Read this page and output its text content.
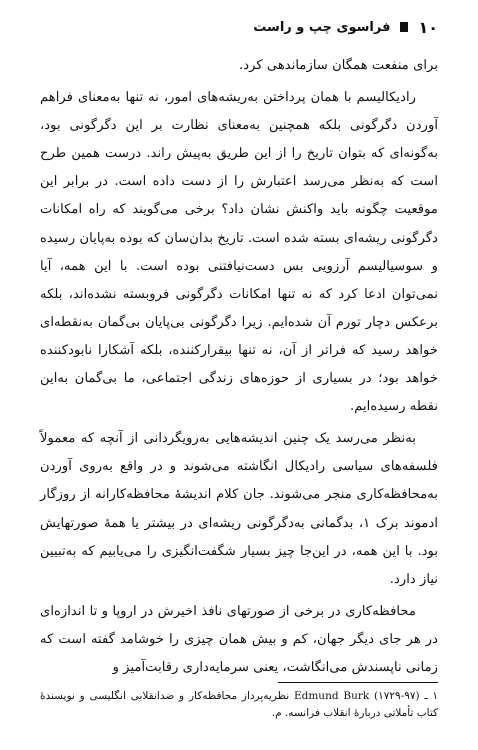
۱۰
فراسوی چپ و راست

برای منفعت همگان سازماندهی کرد.

رادیکالیسم با همان پرداختن به‌ریشه‌های امور، نه تنها به‌معنای فراهم آوردن دگرگونی بلکه همچنین به‌معنای نظارت بر این دگرگونی بود، به‌گونه‌ای که بتوان تاریخ را از این طریق به‌پیش راند. درست همین طرح است که به‌نظر می‌رسد اعتبارش را از دست داده است. در برابر این موقعیت چگونه باید واکنش نشان داد؟ برخی می‌گویند که راه امکانات دگرگونی ریشه‌ای بسته شده است. تاریخ بدان‌سان که بوده به‌پایان رسیده و سوسیالیسم آرزویی بس دست‌نیافتنی بوده است. با این همه، آیا نمی‌توان ادعا کرد که نه تنها امکانات دگرگونی فروبسته نشده‌اند، بلکه برعکس دچار تورم آن شده‌ایم. زیرا دگرگونی بی‌پایان بی‌گمان به‌نقطه‌ای خواهد رسید که فراتر از آن، نه تنها بیقرارکننده، بلکه آشکارا نابودکننده خواهد بود؛ در بسیاری از حوزه‌های زندگی اجتماعی، ما بی‌گمان به‌این نقطه رسیده‌ایم.

به‌نظر می‌رسد یک چنین اندیشه‌هایی به‌رویگردانی از آنچه که معمولاً فلسفه‌های سیاسی رادیکال انگاشته می‌شوند و در واقع به‌روی آوردن به‌محافظه‌کاری منجر می‌شوند. جان کلام اندیشهٔ محافظه‌کارانه از روزگار ادموند برک ۱، بدگمانی به‌دگرگونی ریشه‌ای در بیشتر یا همهٔ صورتهایش بود. با این همه، در این‌جا چیز بسیار شگفت‌انگیزی را می‌یابیم که به‌تبیین نیاز دارد.

محافظه‌کاری در برخی از صورتهای نافذ اخیرش در اروپا و تا اندازه‌ای در هر جای دیگر جهان، کم و بیش همان چیزی را خوشامد گفته است که زمانی ناپسندش می‌انگاشت، یعنی سرمایه‌داری رقابت‌آمیز و

۱ ـ Edmund Burk (۱۷۲۹-۹۷) نظریه‌پرداز محافظه‌کار و ضدانقلابی انگلیسی و نویسندهٔ کتاب تأملاتی دربارهٔ انقلاب فرانسه. م.
